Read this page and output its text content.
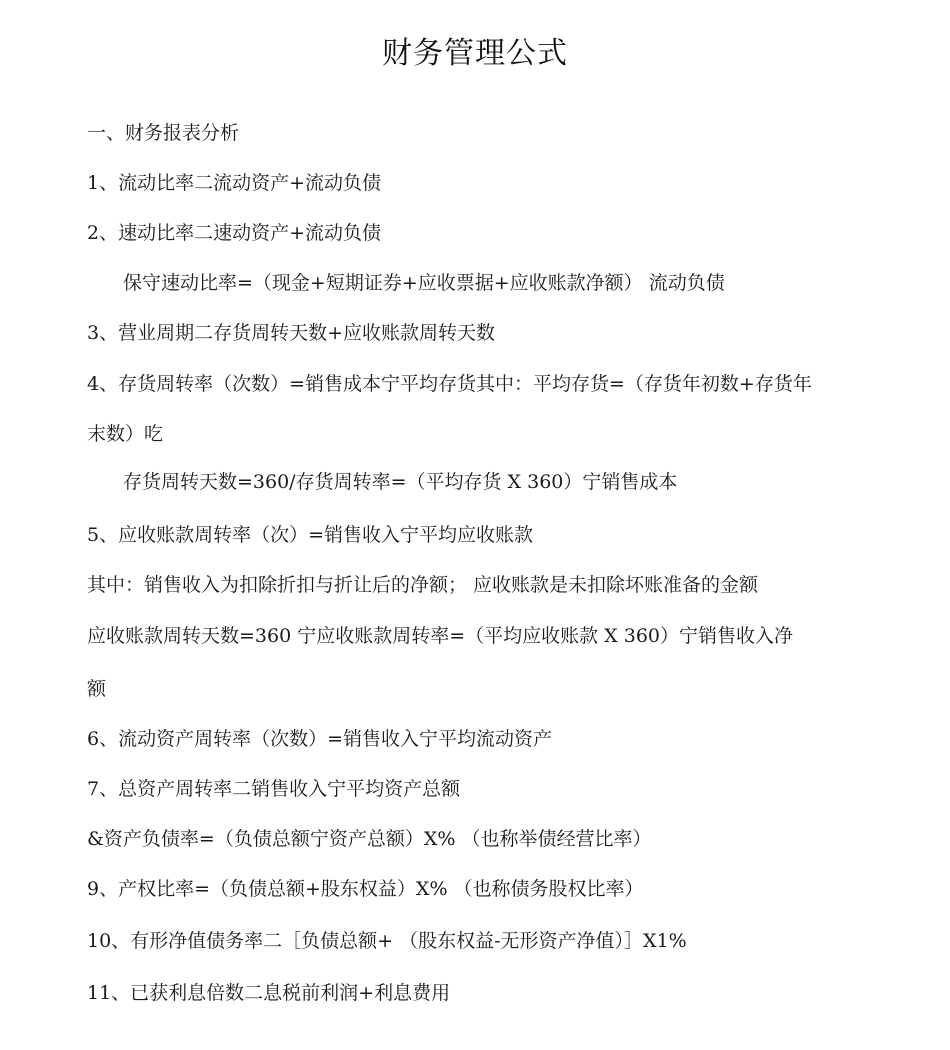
财务管理公式
一、财务报表分析
1、流动比率二流动资产+流动负债
2、速动比率二速动资产+流动负债
保守速动比率=（现金+短期证券+应收票据+应收账款净额） 流动负债
3、营业周期二存货周转天数+应收账款周转天数
4、存货周转率（次数）=销售成本宁平均存货其中：平均存货=（存货年初数+存货年
末数）吃
存货周转天数=360/存货周转率=（平均存货 X 360）宁销售成本
5、应收账款周转率（次）=销售收入宁平均应收账款
其中：销售收入为扣除折扣与折让后的净额； 应收账款是未扣除坏账准备的金额
应收账款周转天数=360 宁应收账款周转率=（平均应收账款 X 360）宁销售收入净
额
6、流动资产周转率（次数）=销售收入宁平均流动资产
7、总资产周转率二销售收入宁平均资产总额
&资产负债率=（负债总额宁资产总额）X% （也称举债经营比率）
9、产权比率=（负债总额+股东权益）X% （也称债务股权比率）
10、有形净值债务率二［负债总额+ （股东权益-无形资产净值）］X1%
11、已获利息倍数二息税前利润+利息费用
